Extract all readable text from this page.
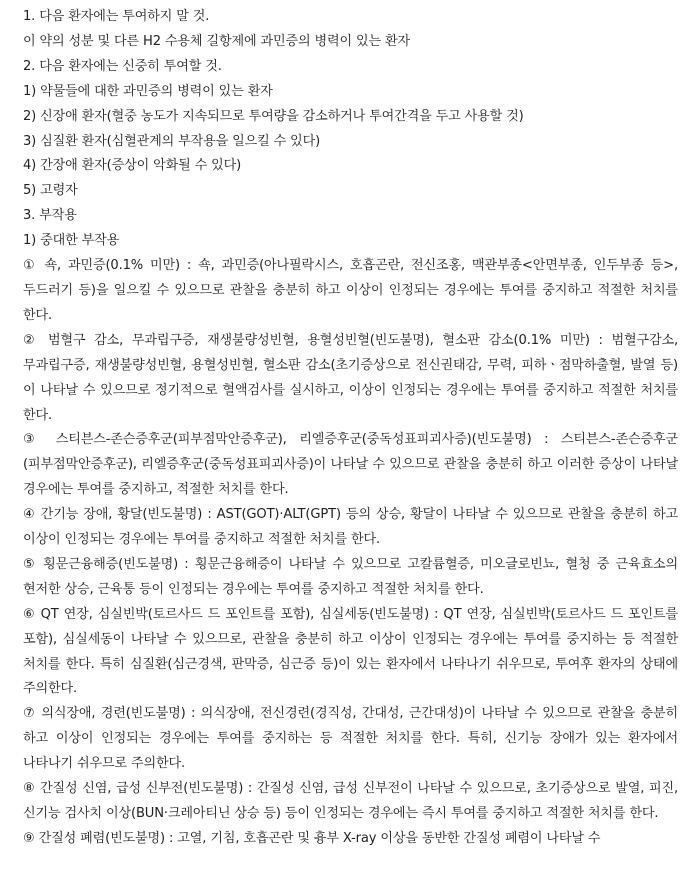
1. 다음 환자에는 투여하지 말 것.

이 약의 성분 및 다른 H2 수용체 길항제에 과민증의 병력이 있는 환자

2. 다음 환자에는 신중히 투여할 것.

1) 약물들에 대한 과민증의 병력이 있는 환자

2) 신장애 환자(혈중 농도가 지속되므로 투여량을 감소하거나 투여간격을 두고 사용할 것)

3) 심질환 환자(심혈관계의 부작용을 일으킬 수 있다)

4) 간장애 환자(증상이 악화될 수 있다)

5) 고령자

3. 부작용

1) 중대한 부작용

① 쇽, 과민증(0.1% 미만) : 쇽, 과민증(아나필락시스, 호흡곤란, 전신조홍, 맥관부종<안면부종, 인두부종 등>, 두드러기 등)을 일으킬 수 있으므로 관찰을 충분히 하고 이상이 인정되는 경우에는 투여를 중지하고 적절한 처치를 한다.

② 범혈구 감소, 무과립구증, 재생불량성빈혈, 용혈성빈혈(빈도불명), 혈소판 감소(0.1% 미만) : 범혈구감소, 무과립구증, 재생불량성빈혈, 용혈성빈혈, 혈소판 감소(초기증상으로 전신권태감, 무력, 피하ㆍ점막하출혈, 발열 등)이 나타날 수 있으므로 정기적으로 혈액검사를 실시하고, 이상이 인정되는 경우에는 투여를 중지하고 적절한 처치를 한다.

③ 스티븐스-존슨증후군(피부점막안증후군), 리엘증후군(중독성표피괴사증)(빈도불명) : 스티븐스-존슨증후군(피부점막안증후군), 리엘증후군(중독성표피괴사증)이 나타날 수 있으므로 관찰을 충분히 하고 이러한 증상이 나타날 경우에는 투여를 중지하고, 적절한 처치를 한다.

④ 간기능 장애, 황달(빈도불명) : AST(GOT)·ALT(GPT) 등의 상승, 황달이 나타날 수 있으므로 관찰을 충분히 하고 이상이 인정되는 경우에는 투여를 중지하고 적절한 처치를 한다.

⑤ 횡문근융해증(빈도불명) : 횡문근융해증이 나타날 수 있으므로 고칼륨혈증, 미오글로빈뇨, 혈청 중 근육효소의 현저한 상승, 근육통 등이 인정되는 경우에는 투여를 중지하고 적절한 처치를 한다.

⑥ QT 연장, 심실빈박(토르사드 드 포인트를 포함), 심실세동(빈도불명) : QT 연장, 심실빈박(토르사드 드 포인트를 포함), 심실세동이 나타날 수 있으므로, 관찰을 충분히 하고 이상이 인정되는 경우에는 투여를 중지하는 등 적절한 처치를 한다. 특히 심질환(심근경색, 판막증, 심근증 등)이 있는 환자에서 나타나기 쉬우므로, 투여후 환자의 상태에 주의한다.

⑦ 의식장애, 경련(빈도불명) : 의식장애, 전신경련(경직성, 간대성, 근간대성)이 나타날 수 있으므로 관찰을 충분히 하고 이상이 인정되는 경우에는 투여를 중지하는 등 적절한 처치를 한다. 특히, 신기능 장애가 있는 환자에서 나타나기 쉬우므로 주의한다.

⑧ 간질성 신염, 급성 신부전(빈도불명) : 간질성 신염, 급성 신부전이 나타날 수 있으므로, 초기증상으로 발열, 피진, 신기능 검사치 이상(BUN·크레아티닌 상승 등) 등이 인정되는 경우에는 즉시 투여를 중지하고 적절한 처치를 한다.

⑨ 간질성 폐렴(빈도불명) : 고열, 기침, 호흡곤란 및 흉부 X-ray 이상을 동반한 간질성 폐렴이 나타날 수
